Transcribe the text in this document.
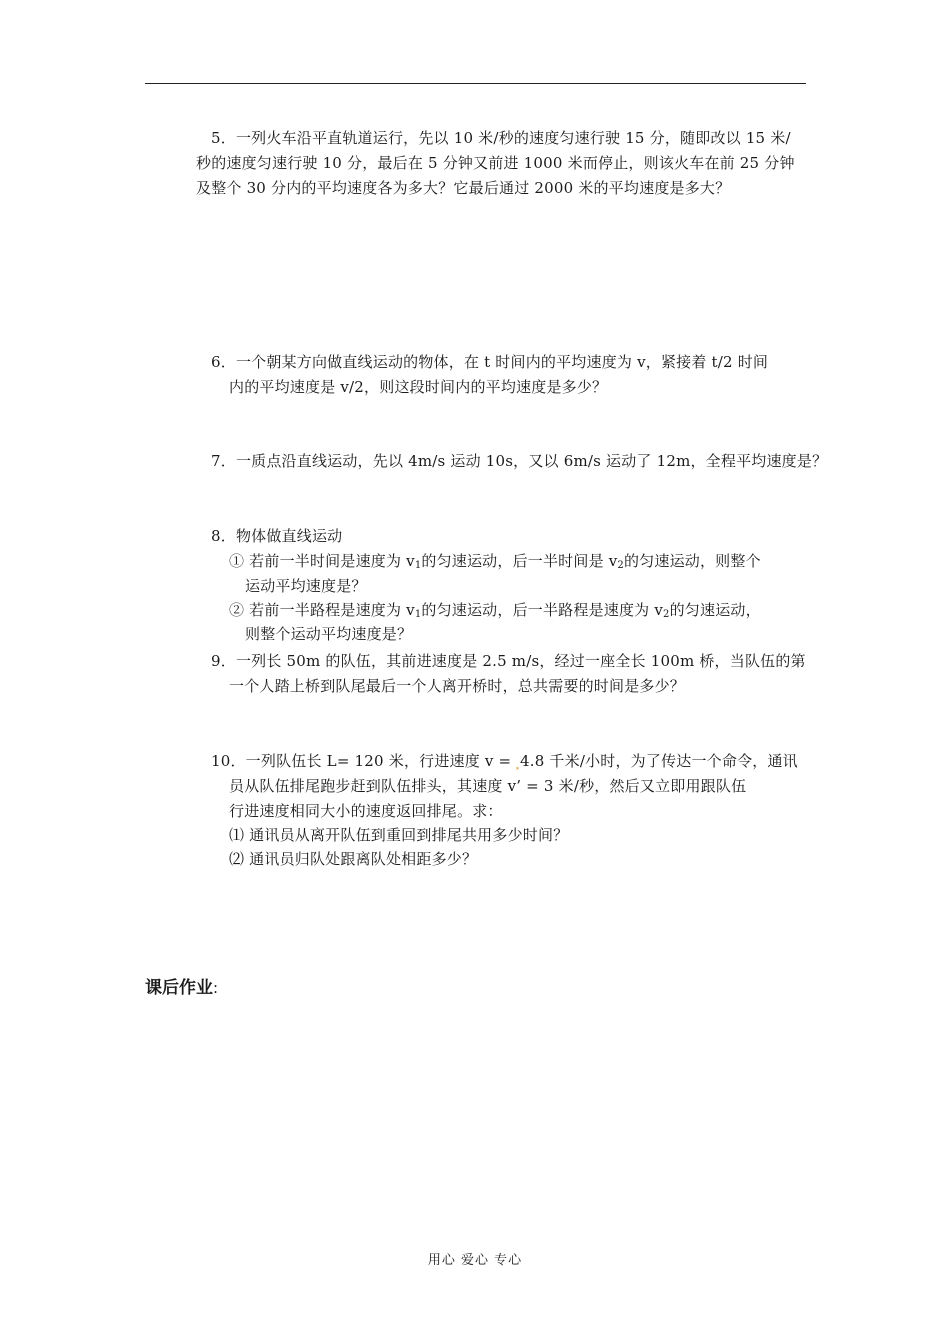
5．一列火车沿平直轨道运行，先以 10 米/秒的速度匀速行驶 15 分，随即改以 15 米/
秒的速度匀速行驶 10 分，最后在 5 分钟又前进 1000 米而停止，则该火车在前 25 分钟
及整个 30 分内的平均速度各为多大？它最后通过 2000 米的平均速度是多大？
6．一个朝某方向做直线运动的物体，在 t 时间内的平均速度为 v，紧接着 t/2 时间
内的平均速度是 v/2，则这段时间内的平均速度是多少？
7．一质点沿直线运动，先以 4m/s 运动 10s，又以 6m/s 运动了 12m，全程平均速度是？
8．物体做直线运动
① 若前一半时间是速度为 $v_1$的匀速运动，后一半时间是 $v_2$的匀速运动，则整个
运动平均速度是？
② 若前一半路程是速度为 $v_1$的匀速运动，后一半路程是速度为 $v_2$的匀速运动，
则整个运动平均速度是？
9．一列长 50m 的队伍，其前进速度是 2.5 m/s，经过一座全长 100m 桥，当队伍的第
一个人踏上桥到队尾最后一个人离开桥时，总共需要的时间是多少？
10．一列队伍长 L= 120 米，行进速度 v = ⸼4.8 千米/小时，为了传达一个命令，通讯
员从队伍排尾跑步赶到队伍排头，其速度 v’ = 3 米/秒，然后又立即用跟队伍
行进速度相同大小的速度返回排尾。求：
⑴ 通讯员从离开队伍到重回到排尾共用多少时间？
⑵ 通讯员归队处跟离队处相距多少？
课后作业:
用心 爱心 专心
